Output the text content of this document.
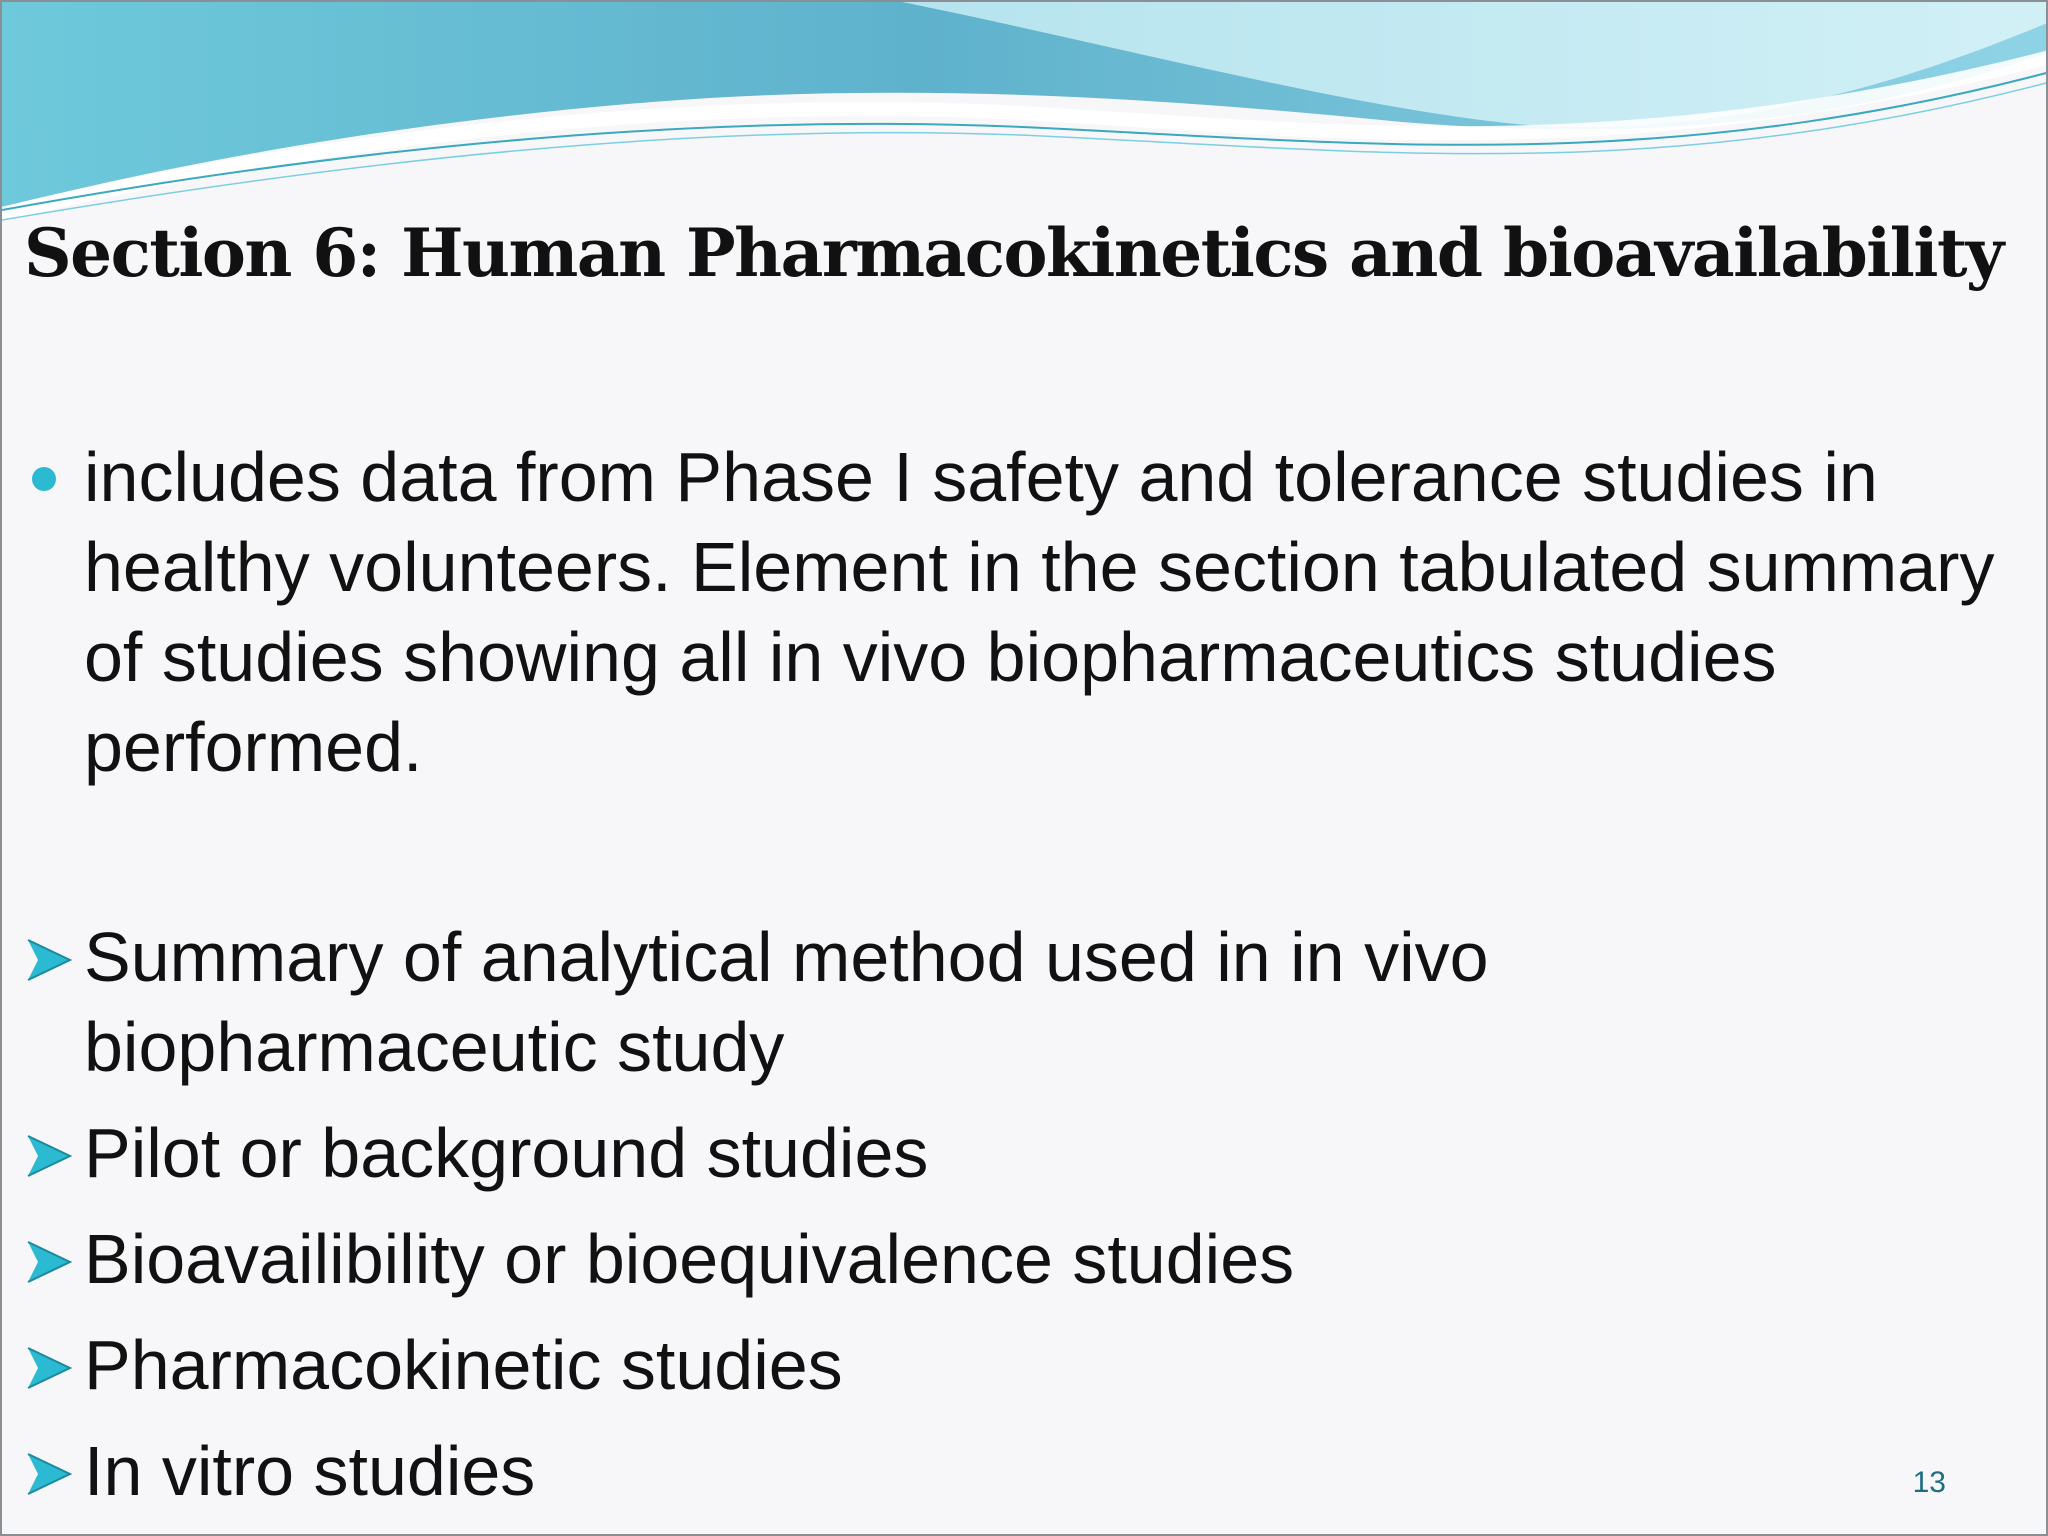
Section 6: Human Pharmacokinetics and bioavailability

includes data from Phase I safety and tolerance studies in healthy volunteers. Element in the section tabulated summary of studies showing all in vivo biopharmaceutics studies performed.

Summary of analytical method used in in vivo biopharmaceutic study
Pilot or background studies
Bioavailibility or bioequivalence studies
Pharmacokinetic studies
In vitro studies	13
